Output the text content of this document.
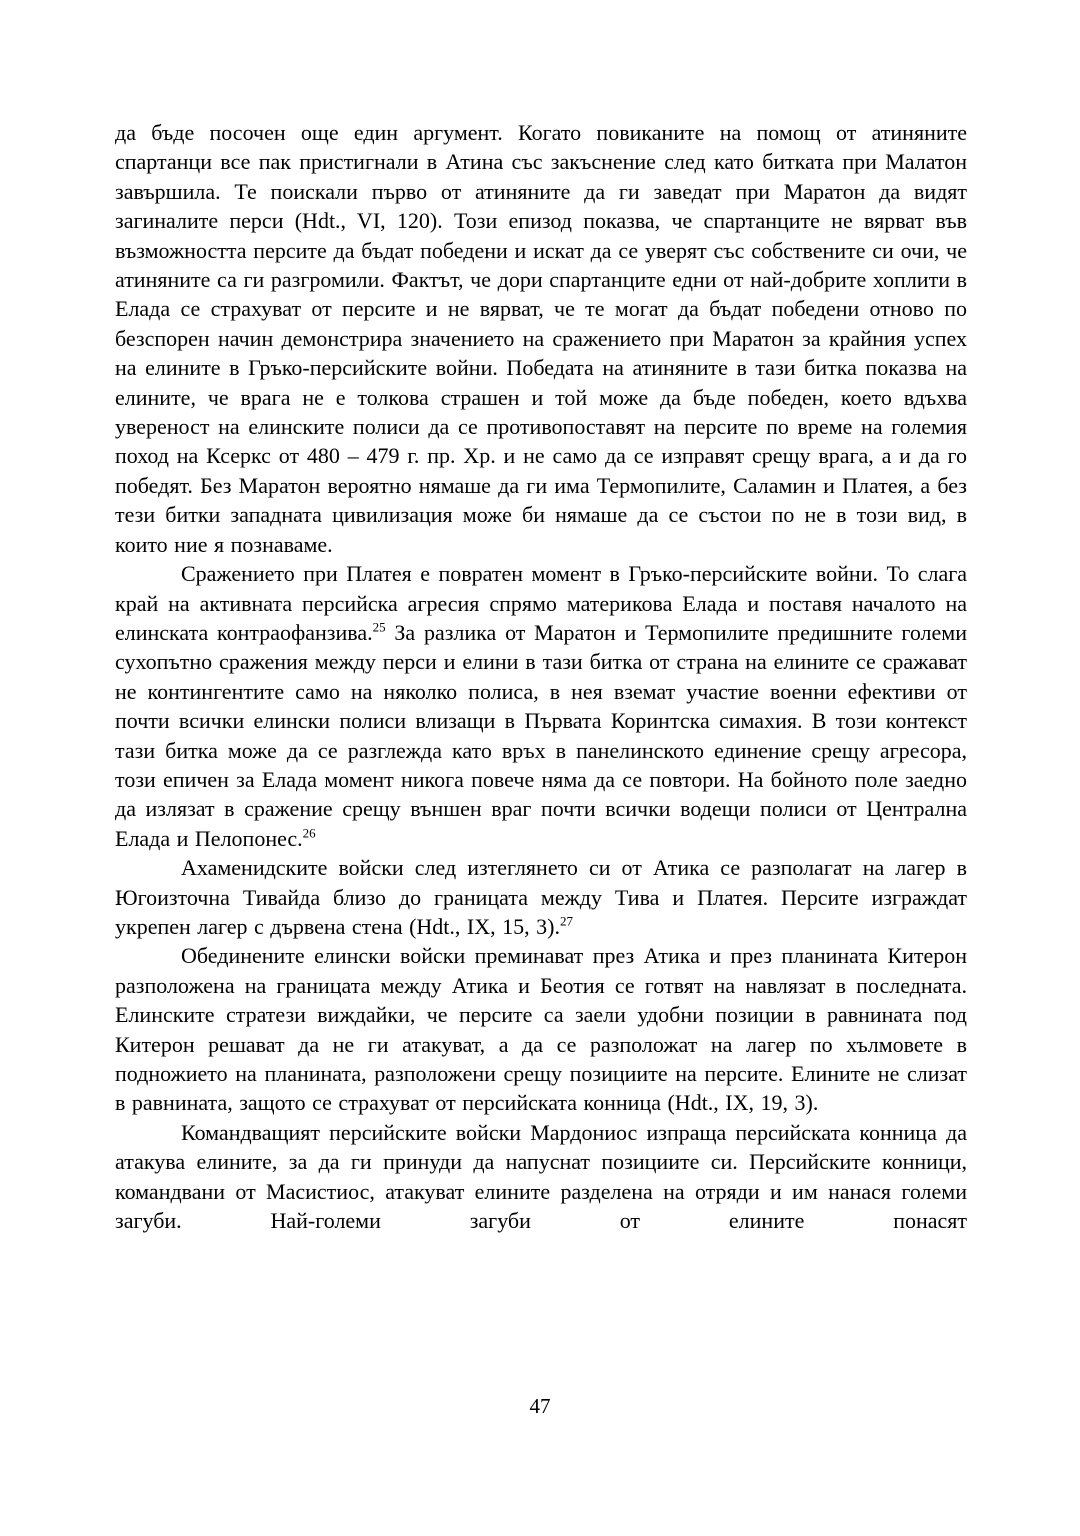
да бъде посочен още един аргумент. Когато повиканите на помощ от атиняните спартанци все пак пристигнали в Атина със закъснение след като битката при Малатон завършила. Те поискали първо от атиняните да ги заведат при Маратон да видят загиналите перси (Hdt., VI, 120). Този епизод показва, че спартанците не вярват във възможността персите да бъдат победени и искат да се уверят със собствените си очи, че атиняните са ги разгромили. Фактът, че дори спартанците едни от най-добрите хоплити в Елада се страхуват от персите и не вярват, че те могат да бъдат победени отново по безспорен начин демонстрира значението на сражението при Маратон за крайния успех на елините в Гръко-персийските войни. Победата на атиняните в тази битка показва на елините, че врага не е толкова страшен и той може да бъде победен, което вдъхва увереност на елинските полиси да се противопоставят на персите по време на големия поход на Ксеркс от 480 – 479 г. пр. Хр. и не само да се изправят срещу врага, а и да го победят. Без Маратон вероятно нямаше да ги има Термопилите, Саламин и Платея, а без тези битки западната цивилизация може би нямаше да се състои по не в този вид, в които ние я познаваме.

Сражението при Платея е повратен момент в Гръко-персийските войни. То слага край на активната персийска агресия спрямо материкова Елада и поставя началото на елинската контраофанзива.$^{25}$ За разлика от Маратон и Термопилите предишните големи сухопътно сражения между перси и елини в тази битка от страна на елините се сражават не контингентите само на няколко полиса, в нея вземат участие военни ефективи от почти всички елински полиси влизащи в Първата Коринтска симахия. В този контекст тази битка може да се разглежда като връх в панелинското единение срещу агресора, този епичен за Елада момент никога повече няма да се повтори. На бойното поле заедно да излязат в сражение срещу външен враг почти всички водещи полиси от Централна Елада и Пелопонес.$^{26}$

Ахаменидските войски след изтеглянето си от Атика се разполагат на лагер в Югоизточна Тивайда близо до границата между Тива и Платея. Персите изграждат укрепен лагер с дървена стена (Hdt., IX, 15, 3).$^{27}$

Обединените елински войски преминават през Атика и през планината Китерон разположена на границата между Атика и Беотия се готвят на навлязат в последната. Елинските стратези виждайки, че персите са заели удобни позиции в равнината под Китерон решават да не ги атакуват, а да се разположат на лагер по хълмовете в подножието на планината, разположени срещу позициите на персите. Елините не слизат в равнината, защото се страхуват от персийската конница (Hdt., IX, 19, 3).

Командващият персийските войски Мардониос изпраща персийската конница да атакува елините, за да ги принуди да напуснат позициите си. Персийските конници, командвани от Масистиос, атакуват елините разделена на отряди и им нанася големи загуби. Най-големи загуби от елините понасят

47
